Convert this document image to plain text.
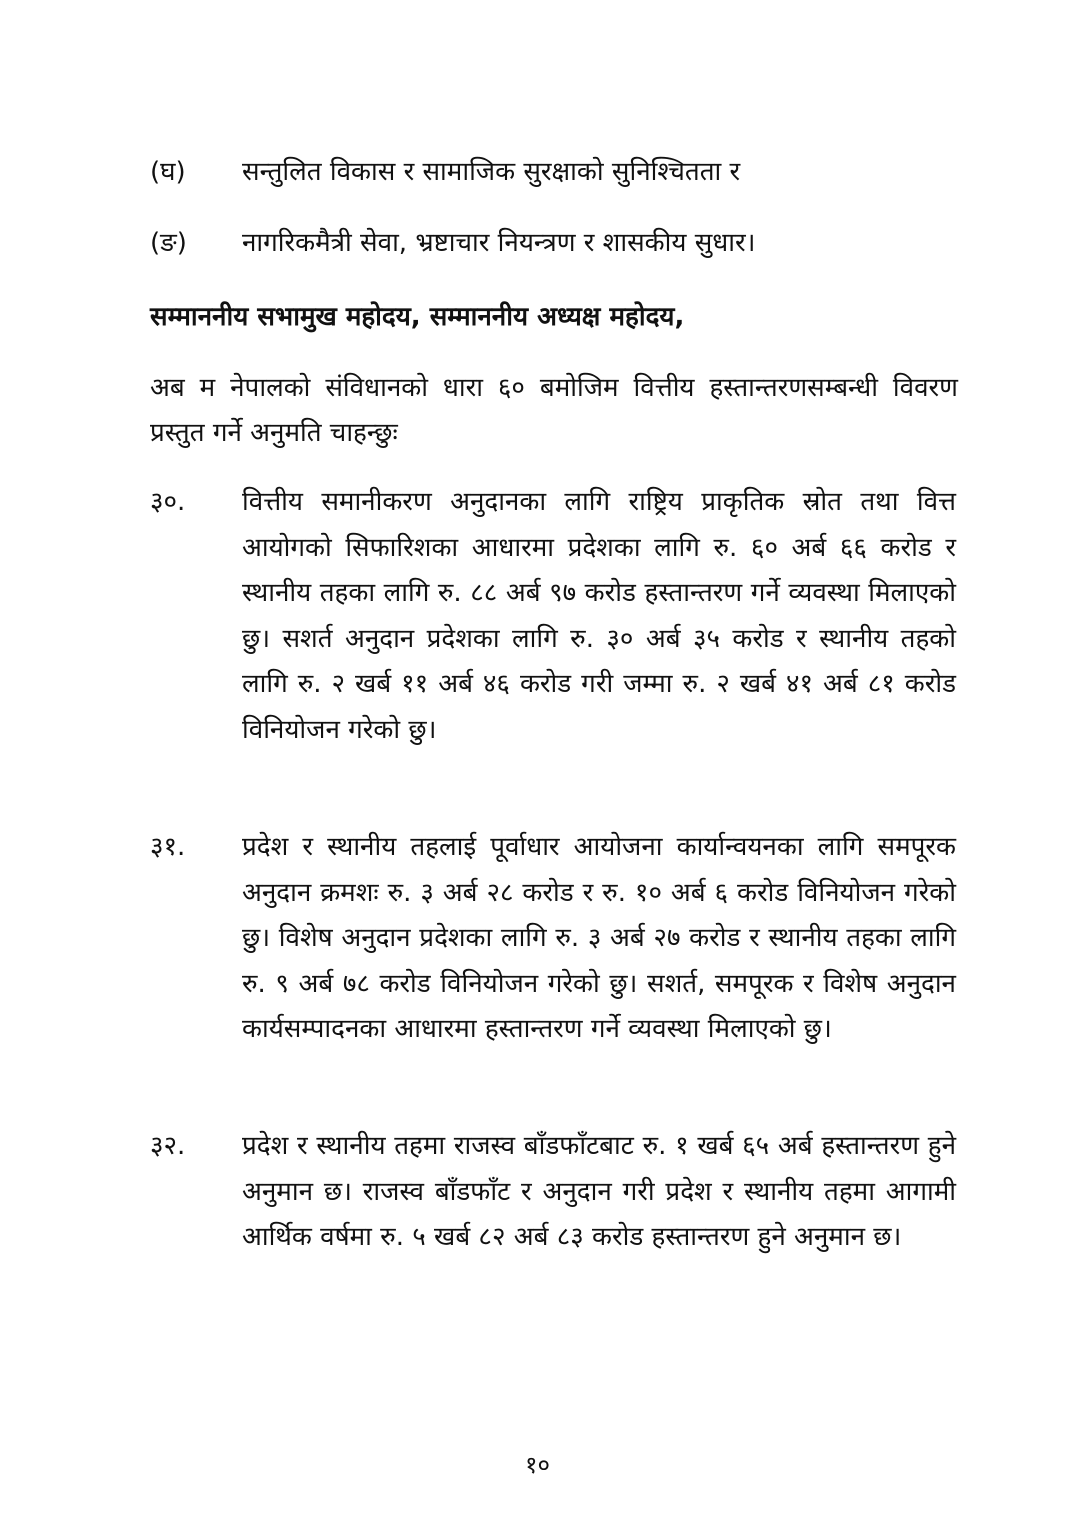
(घ) सन्तुलित विकास र सामाजिक सुरक्षाको सुनिश्चितता र
(ङ) नागरिकमैत्री सेवा, भ्रष्टाचार नियन्त्रण र शासकीय सुधार।
सम्माननीय सभामुख महोदय, सम्माननीय अध्यक्ष महोदय,
अब म नेपालको संविधानको धारा ६० बमोजिम वित्तीय हस्तान्तरणसम्बन्धी विवरण प्रस्तुत गर्ने अनुमति चाहन्छुः
३०. वित्तीय समानीकरण अनुदानका लागि राष्ट्रिय प्राकृतिक स्रोत तथा वित्त आयोगको सिफारिशका आधारमा प्रदेशका लागि रु. ६० अर्ब ६६ करोड र स्थानीय तहका लागि रु. ८८ अर्ब ९७ करोड हस्तान्तरण गर्ने व्यवस्था मिलाएको छु। सशर्त अनुदान प्रदेशका लागि रु. ३० अर्ब ३५ करोड र स्थानीय तहको लागि रु. २ खर्ब ११ अर्ब ४६ करोड गरी जम्मा रु. २ खर्ब ४१ अर्ब ८१ करोड विनियोजन गरेको छु।
३१. प्रदेश र स्थानीय तहलाई पूर्वाधार आयोजना कार्यान्वयनका लागि समपूरक अनुदान क्रमशः रु. ३ अर्ब २८ करोड र रु. १० अर्ब ६ करोड विनियोजन गरेको छु। विशेष अनुदान प्रदेशका लागि रु. ३ अर्ब २७ करोड र स्थानीय तहका लागि रु. ९ अर्ब ७८ करोड विनियोजन गरेको छु। सशर्त, समपूरक र विशेष अनुदान कार्यसम्पादनका आधारमा हस्तान्तरण गर्ने व्यवस्था मिलाएको छु।
३२. प्रदेश र स्थानीय तहमा राजस्व बाँडफाँटबाट रु. १ खर्ब ६५ अर्ब हस्तान्तरण हुने अनुमान छ। राजस्व बाँडफाँट र अनुदान गरी प्रदेश र स्थानीय तहमा आगामी आर्थिक वर्षमा रु. ५ खर्ब ८२ अर्ब ८३ करोड हस्तान्तरण हुने अनुमान छ।
१०
